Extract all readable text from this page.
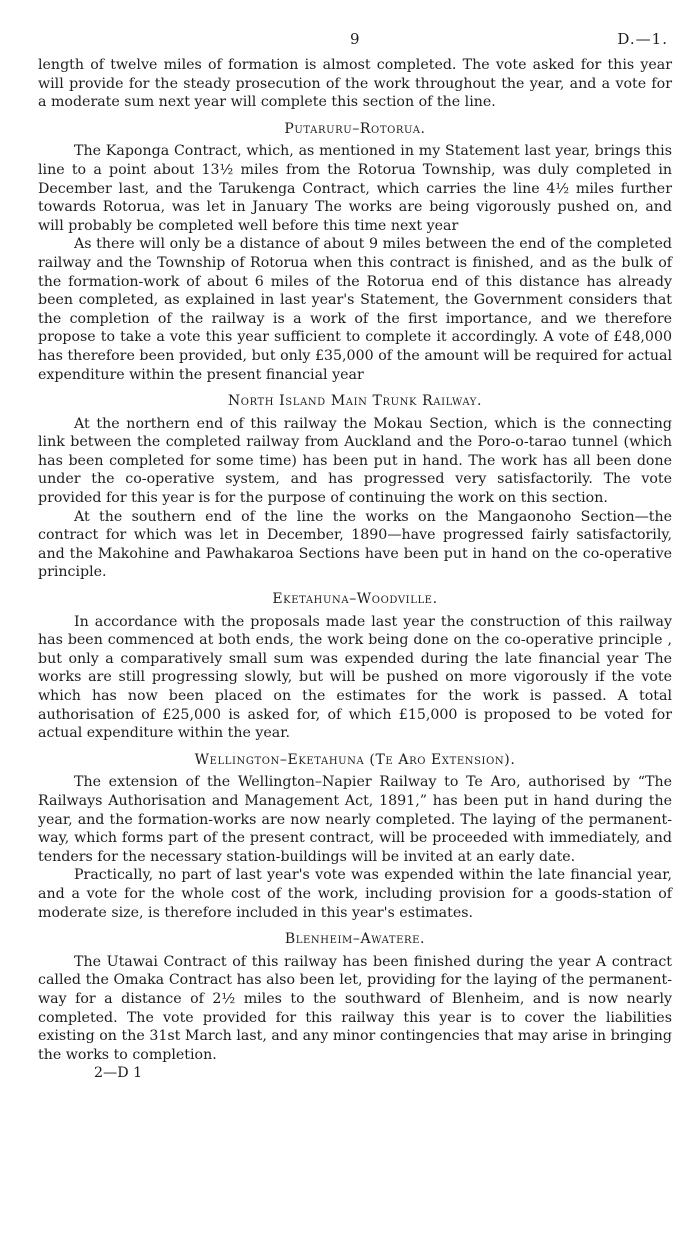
9	D.—1.

length of twelve miles of formation is almost completed. The vote asked for this year will provide for the steady prosecution of the work throughout the year, and a vote for a moderate sum next year will complete this section of the line.

Putaruru–Rotorua.

The Kaponga Contract, which, as mentioned in my Statement last year, brings this line to a point about 13½ miles from the Rotorua Township, was duly completed in December last, and the Tarukenga Contract, which carries the line 4½ miles further towards Rotorua, was let in January The works are being vigorously pushed on, and will probably be completed well before this time next year

As there will only be a distance of about 9 miles between the end of the completed railway and the Township of Rotorua when this contract is finished, and as the bulk of the formation-work of about 6 miles of the Rotorua end of this distance has already been completed, as explained in last year's Statement, the Government considers that the completion of the railway is a work of the first importance, and we therefore propose to take a vote this year sufficient to complete it accordingly. A vote of £48,000 has therefore been provided, but only £35,000 of the amount will be required for actual expenditure within the present financial year

North Island Main Trunk Railway.

At the northern end of this railway the Mokau Section, which is the connecting link between the completed railway from Auckland and the Poro-o-tarao tunnel (which has been completed for some time) has been put in hand. The work has all been done under the co-operative system, and has progressed very satisfactorily. The vote provided for this year is for the purpose of continuing the work on this section.

At the southern end of the line the works on the Mangaonoho Section—the contract for which was let in December, 1890—have progressed fairly satisfactorily, and the Makohine and Pawhakaroa Sections have been put in hand on the co-operative principle.

Eketahuna–Woodville.

In accordance with the proposals made last year the construction of this railway has been commenced at both ends, the work being done on the co-operative principle , but only a comparatively small sum was expended during the late financial year The works are still progressing slowly, but will be pushed on more vigorously if the vote which has now been placed on the estimates for the work is passed. A total authorisation of £25,000 is asked for, of which £15,000 is proposed to be voted for actual expenditure within the year.

Wellington–Eketahuna (Te Aro Extension).

The extension of the Wellington–Napier Railway to Te Aro, authorised by “The Railways Authorisation and Management Act, 1891,” has been put in hand during the year, and the formation-works are now nearly completed. The laying of the permanent-way, which forms part of the present contract, will be proceeded with immediately, and tenders for the necessary station-buildings will be invited at an early date.

Practically, no part of last year's vote was expended within the late financial year, and a vote for the whole cost of the work, including provision for a goods-station of moderate size, is therefore included in this year's estimates.

Blenheim–Awatere.

The Utawai Contract of this railway has been finished during the year A contract called the Omaka Contract has also been let, providing for the laying of the permanent-way for a distance of 2½ miles to the southward of Blenheim, and is now nearly completed. The vote provided for this railway this year is to cover the liabilities existing on the 31st March last, and any minor contingencies that may arise in bringing the works to completion.

2—D 1
